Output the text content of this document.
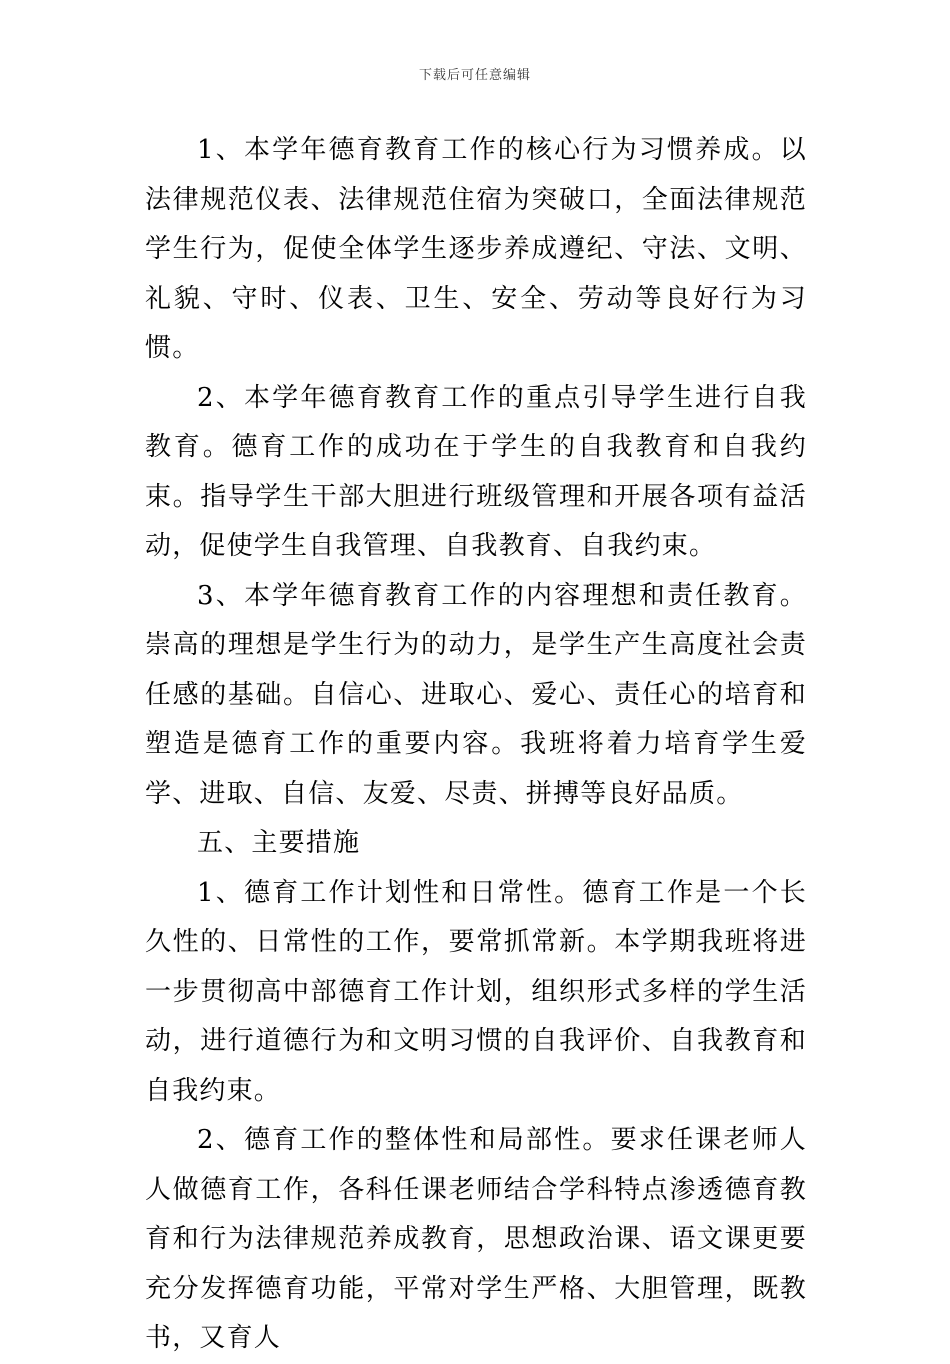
下载后可任意编辑

1、本学年德育教育工作的核心行为习惯养成。以法律规范仪表、法律规范住宿为突破口，全面法律规范学生行为，促使全体学生逐步养成遵纪、守法、文明、礼貌、守时、仪表、卫生、安全、劳动等良好行为习惯。

2、本学年德育教育工作的重点引导学生进行自我教育。德育工作的成功在于学生的自我教育和自我约束。指导学生干部大胆进行班级管理和开展各项有益活动，促使学生自我管理、自我教育、自我约束。

3、本学年德育教育工作的内容理想和责任教育。崇高的理想是学生行为的动力，是学生产生高度社会责任感的基础。自信心、进取心、爱心、责任心的培育和塑造是德育工作的重要内容。我班将着力培育学生爱学、进取、自信、友爱、尽责、拼搏等良好品质。

五、主要措施

1、德育工作计划性和日常性。德育工作是一个长久性的、日常性的工作，要常抓常新。本学期我班将进一步贯彻高中部德育工作计划，组织形式多样的学生活动，进行道德行为和文明习惯的自我评价、自我教育和自我约束。

2、德育工作的整体性和局部性。要求任课老师人人做德育工作，各科任课老师结合学科特点渗透德育教育和行为法律规范养成教育，思想政治课、语文课更要充分发挥德育功能，平常对学生严格、大胆管理，既教书，又育人
